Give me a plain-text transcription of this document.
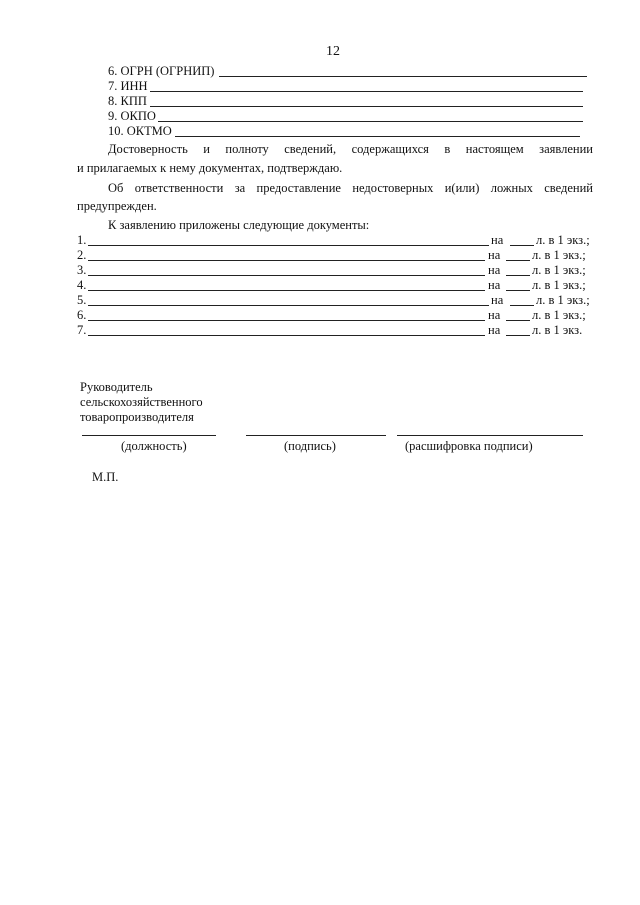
12
6. ОГРН (ОГРНИП)
7. ИНН
8. КПП
9. ОКПО
10. ОКТМО
Достоверность и полноту сведений, содержащихся в настоящем заявлении
и прилагаемых к нему документах, подтверждаю.
Об ответственности за предоставление недостоверных и(или) ложных сведений
предупрежден.
К заявлению приложены следующие документы:
1.	на	л. в 1 экз.;
2.	на	л. в 1 экз.;
3.	на	л. в 1 экз.;
4.	на	л. в 1 экз.;
5.	на	л. в 1 экз.;
6.	на	л. в 1 экз.;
7.	на	л. в 1 экз.
Руководитель
сельскохозяйственного
товаропроизводителя
(должность)	(подпись)	(расшифровка подписи)
М.П.
